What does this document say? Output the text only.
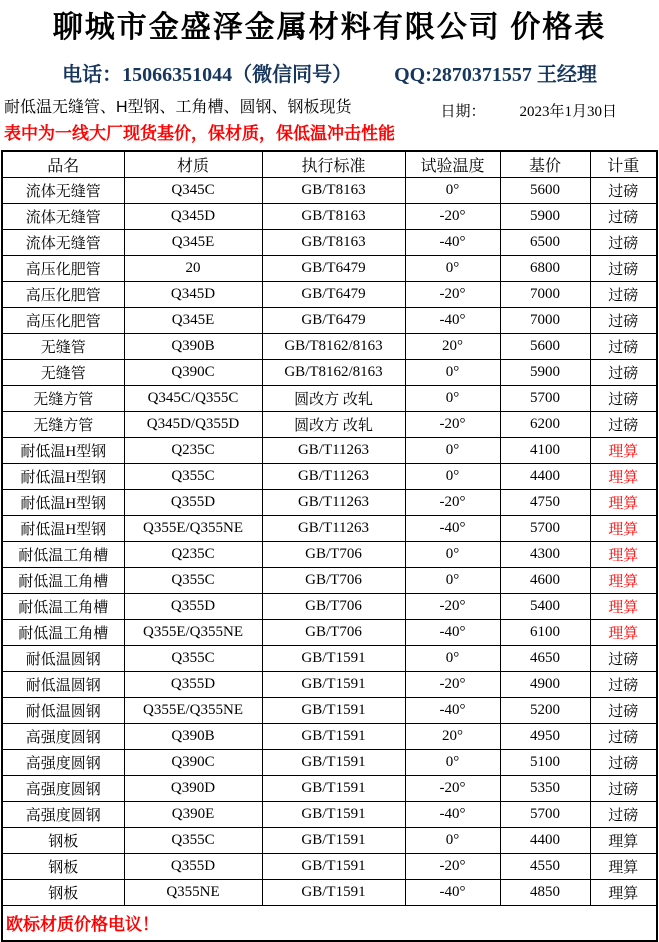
聊城市金盛泽金属材料有限公司 价格表
电话：15066351044（微信同号） QQ:2870371557 王经理
耐低温无缝管、H型钢、工角槽、圆钢、钢板现货
表中为一线大厂现货基价，保材质，保低温冲击性能
日期： 2023年1月30日
品名	材质	执行标准	试验温度	基价	计重
流体无缝管	Q345C	GB/T8163	0°	5600	过磅
流体无缝管	Q345D	GB/T8163	-20°	5900	过磅
流体无缝管	Q345E	GB/T8163	-40°	6500	过磅
高压化肥管	20	GB/T6479	0°	6800	过磅
高压化肥管	Q345D	GB/T6479	-20°	7000	过磅
高压化肥管	Q345E	GB/T6479	-40°	7000	过磅
无缝管	Q390B	GB/T8162/8163	20°	5600	过磅
无缝管	Q390C	GB/T8162/8163	0°	5900	过磅
无缝方管	Q345C/Q355C	圆改方 改轧	0°	5700	过磅
无缝方管	Q345D/Q355D	圆改方 改轧	-20°	6200	过磅
耐低温H型钢	Q235C	GB/T11263	0°	4100	理算
耐低温H型钢	Q355C	GB/T11263	0°	4400	理算
耐低温H型钢	Q355D	GB/T11263	-20°	4750	理算
耐低温H型钢	Q355E/Q355NE	GB/T11263	-40°	5700	理算
耐低温工角槽	Q235C	GB/T706	0°	4300	理算
耐低温工角槽	Q355C	GB/T706	0°	4600	理算
耐低温工角槽	Q355D	GB/T706	-20°	5400	理算
耐低温工角槽	Q355E/Q355NE	GB/T706	-40°	6100	理算
耐低温圆钢	Q355C	GB/T1591	0°	4650	过磅
耐低温圆钢	Q355D	GB/T1591	-20°	4900	过磅
耐低温圆钢	Q355E/Q355NE	GB/T1591	-40°	5200	过磅
高强度圆钢	Q390B	GB/T1591	20°	4950	过磅
高强度圆钢	Q390C	GB/T1591	0°	5100	过磅
高强度圆钢	Q390D	GB/T1591	-20°	5350	过磅
高强度圆钢	Q390E	GB/T1591	-40°	5700	过磅
钢板	Q355C	GB/T1591	0°	4400	理算
钢板	Q355D	GB/T1591	-20°	4550	理算
钢板	Q355NE	GB/T1591	-40°	4850	理算
欧标材质价格电议！					
